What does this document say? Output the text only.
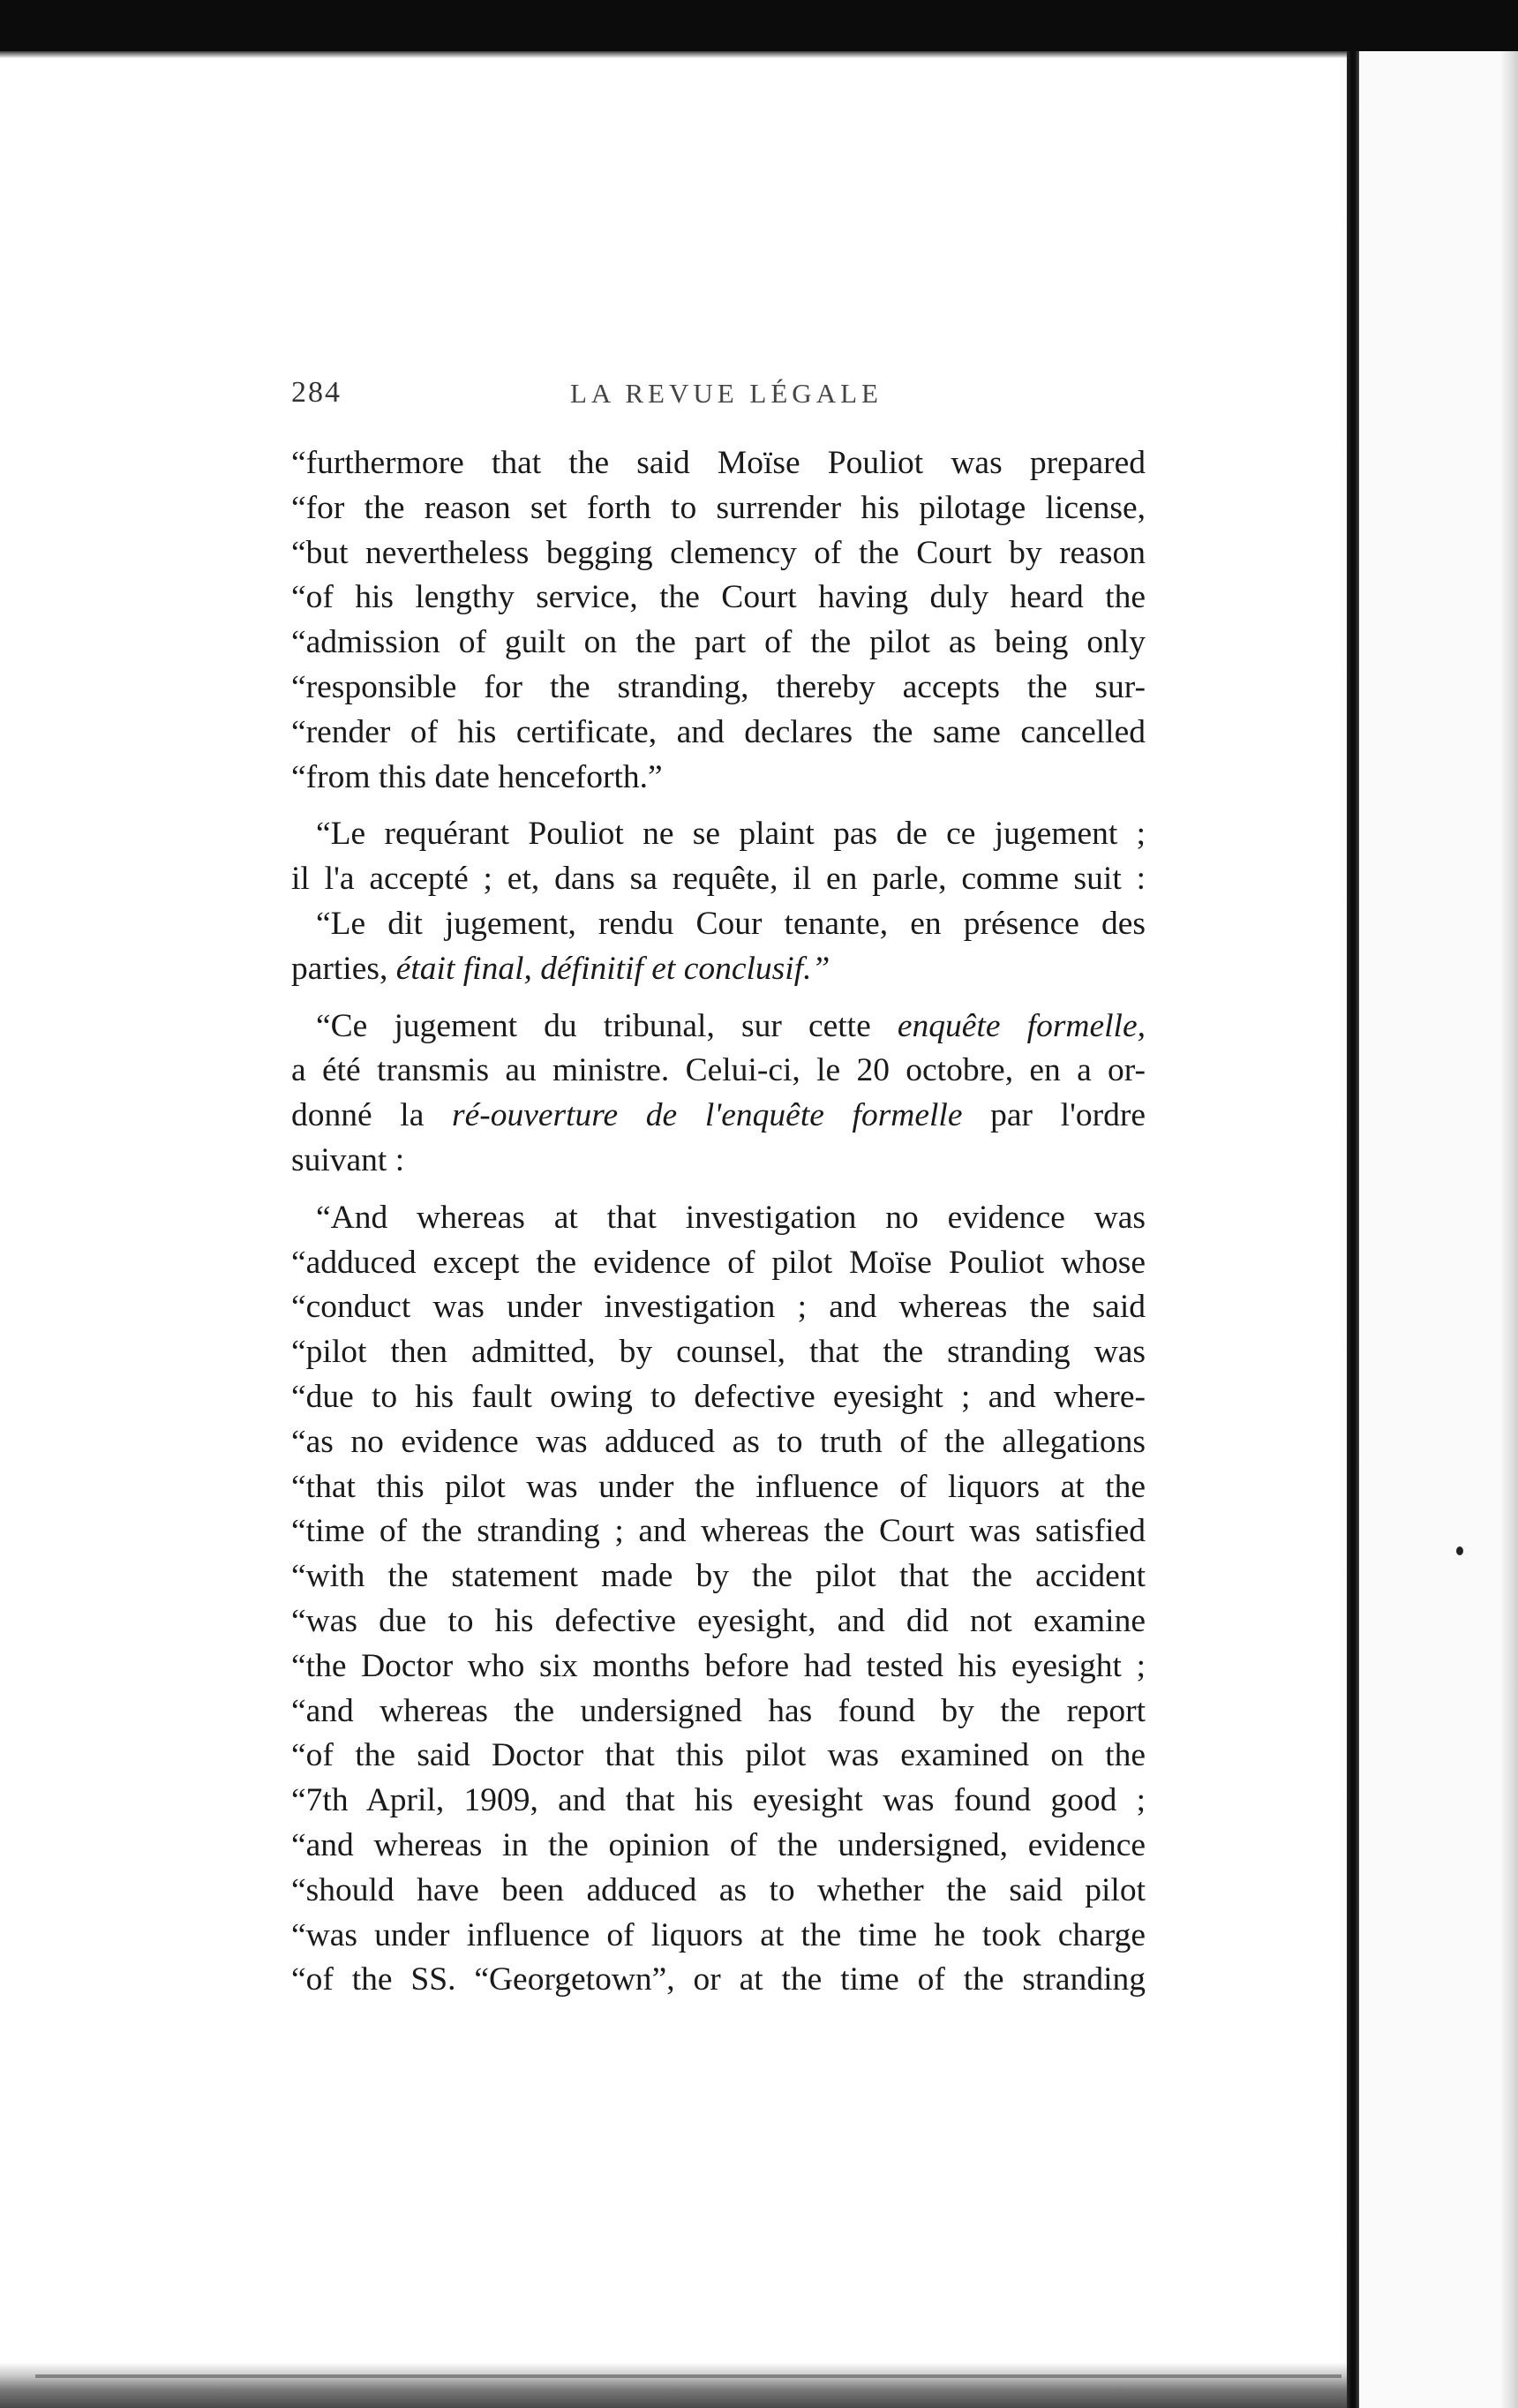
284	LA REVUE LÉGALE
“furthermore that the said Moïse Pouliot was prepared
“for the reason set forth to surrender his pilotage license,
“but nevertheless begging clemency of the Court by reason
“of his lengthy service, the Court having duly heard the
“admission of guilt on the part of the pilot as being only
“responsible for the stranding, thereby accepts the sur-
“render of his certificate, and declares the same cancelled
“from this date henceforth.”
“Le requérant Pouliot ne se plaint pas de ce jugement ;
il l'a accepté ; et, dans sa requête, il en parle, comme suit :
“Le dit jugement, rendu Cour tenante, en présence des
parties, était final, définitif et conclusif.”
“Ce jugement du tribunal, sur cette enquête formelle,
a été transmis au ministre. Celui-ci, le 20 octobre, en a or-
donné la ré-ouverture de l'enquête formelle par l'ordre
suivant :
“And whereas at that investigation no evidence was
“adduced except the evidence of pilot Moïse Pouliot whose
“conduct was under investigation ; and whereas the said
“pilot then admitted, by counsel, that the stranding was
“due to his fault owing to defective eyesight ; and where-
“as no evidence was adduced as to truth of the allegations
“that this pilot was under the influence of liquors at the
“time of the stranding ; and whereas the Court was satisfied
“with the statement made by the pilot that the accident
“was due to his defective eyesight, and did not examine
“the Doctor who six months before had tested his eyesight ;
“and whereas the undersigned has found by the report
“of the said Doctor that this pilot was examined on the
“7th April, 1909, and that his eyesight was found good ;
“and whereas in the opinion of the undersigned, evidence
“should have been adduced as to whether the said pilot
“was under influence of liquors at the time he took charge
“of the SS. “Georgetown”, or at the time of the stranding
